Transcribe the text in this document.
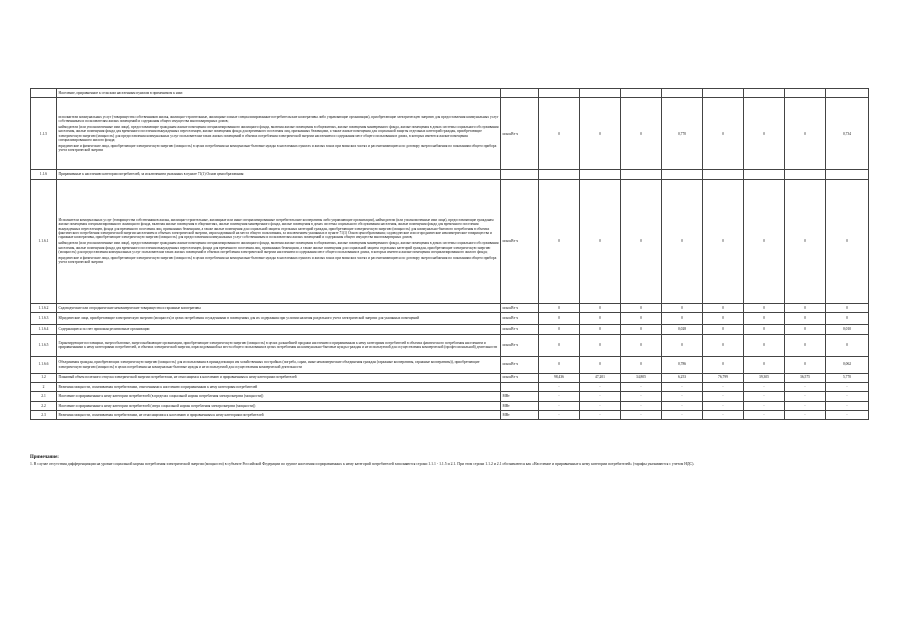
	Население, приравненное к сельским населенным пунктам в применимом к ним:									

1.1.5	исполнители коммунальных услуг (товарищества собственников жилья, жилищно-строительные, жилищные и иные специализированные потребительские кооперативы либо управляющие организации), приобретающие электрическую энергию для предоставления коммунальных услуг собственникам и пользователям жилых помещений и содержания общего имущества многоквартирных домов;

наймодатели (или уполномоченные ими лица), предоставляющие гражданам жилые помещения специализированного жилищного фонда, включая жилые помещения в общежитиях, жилые помещения маневренного фонда, жилые помещения в домах системы социального обслуживания населения, жилые помещения фонда для временного поселения вынужденных переселенцев, жилые помещения фонда для временного поселения лиц, признанных беженцами, а также жилые помещения для социальной защиты отдельных категорий граждан, приобретающие электрическую энергию (мощность) для предоставления коммунальных услуг пользователям таких жилых помещений в объемах потребления электрической энергии населением и содержания мест общего пользования в домах, в которых имеются жилые помещения специализированного жилого фонда;

юридические и физические лица, приобретающие электрическую энергию (мощность) в целях потребления на коммунально-бытовые нужды в населенных пунктах и жилых зонах при воинских частях и рассчитывающиеся по договору энергоснабжения по показаниям общего прибора учета электрической энергии	млн кВт·ч	0	0	0	0,770	0	0	0	0,734
1.1.6	Приравненные к населению категории потребителей, за исключением указанных в пункте 71(1) Основ ценообразования:									

1.1.6.1	Исполнители коммунальных услуг (товарищества собственников жилья, жилищно-строительные, жилищные или иные специализированные потребительские кооперативы либо управляющие организации), наймодатели (или уполномоченные ими лица), предоставляющие гражданам жилые помещения специализированного жилищного фонда, включая жилые помещения в общежитиях, жилые помещения маневренного фонда, жилые помещения в домах системы социального обслуживания населения, жилые помещения фонда для временного поселения вынужденных переселенцев, фонда для временного поселения лиц, признанных беженцами, а также жилые помещения для социальной защиты отдельных категорий граждан, приобретающие электрическую энергию (мощность) для коммунально-бытового потребления в объемах фактического потребления электрической энергии населением и объемах электрической энергии, израсходованной на места общего пользования, за исключением указанных в пункте 71(1) Основ ценообразования; садоводческие или огороднические некоммерческие товарищества и гаражные кооперативы, приобретающие электрическую энергию (мощность) для предоставления коммунальных услуг собственникам и пользователям жилых помещений и содержания общего имущества многоквартирных домов;

наймодатели (или уполномоченные ими лица), предоставляющие гражданам жилые помещения специализированного жилищного фонда, включая жилые помещения в общежитиях, жилые помещения маневренного фонда, жилые помещения в домах системы социального обслуживания населения, жилые помещения фонда для временного поселения вынужденных переселенцев, фонда для временного поселения лиц, признанных беженцами, а также жилые помещения для социальной защиты отдельных категорий граждан, приобретающие электрическую энергию (мощность) для предоставления коммунальных услуг пользователям таких жилых помещений в объемах потребления электрической энергии населением и содержания мест общего пользования в домах, в которых имеются жилые помещения специализированного жилого фонда;

юридические и физические лица, приобретающие электрическую энергию (мощность) в целях потребления на коммунально-бытовые нужды в населенных пунктах и жилых зонах при воинских частях и рассчитывающиеся по договору энергоснабжения по показаниям общего прибора учета электрической энергии	млн кВт·ч	0	0	0	0	0	0	0	0
1.1.6.2	Садоводческие или огороднические некоммерческие товарищества и гаражные кооперативы	млн кВт·ч	0	0	0	0	0	0	0	0
1.1.6.3	Юридические лица, приобретающие электрическую энергию (мощность) в целях потребления осужденными в помещениях для их содержания при условии наличия раздельного учета электрической энергии для указанных помещений	млн кВт·ч	0	0	0	0	0	0	0	0
1.1.6.4	Содержащиеся за счет прихожан религиозные организации	млн кВт·ч	0	0	0	0,028	0	0	0	0,010
1.1.6.5	Гарантирующие поставщики, энергосбытовые, энергоснабжающие организации, приобретающие электрическую энергию (мощность) в целях дальнейшей продажи населению и приравненным к нему категориям потребителей в объемах фактического потребления населением и приравненными к нему категориями потребителей, и объемах электрической энергии, израсходованной на места общего пользования в целях потребления на коммунально-бытовые нужды граждан и не используемой для осуществления коммерческой (профессиональной) деятельности	млн кВт·ч	0	0	0	0	0	0	0	0
1.1.6.6	Объединения граждан, приобретающих электрическую энергию (мощность) для использования в принадлежащих им хозяйственных постройках (погреба, сараи, иные некоммерческие объединения граждан (гаражные кооперативы, гаражные кооперативы)), приобретающие электрическую энергию (мощность) в целях потребления на коммунально-бытовые нужды и не используемой для осуществления коммерческой деятельности	млн кВт·ч	0	0	0	0,786	0	0	0	0,062
1.2	Плановый объем полезного отпуска электрической энергии потребителям, не относящимся к населению и приравненным к нему категориям потребителей	млн кВт·ч	98,436	47,201	34,805	6,253	76,799	39,305	36,575	5,770
2	Величина мощности, оплачиваемая потребителями, отнесенными к населению и приравненным к нему категориям потребителей		-	-	-	-	-	-	-	-
2.1	Население и приравненные к нему категории потребителей (в пределах социальной нормы потребления электроэнергии (мощности))	МВт	-	-	-	-	-	-	-	-
2.2	Население и приравненные к нему категории потребителей (сверх социальной нормы потребления электроэнергии (мощности))	МВт	-	-	-	-	-	-	-	-
2.3	Величина мощности, оплачиваемая потребителями, не относящимися к населению и приравненным к нему категориям потребителей	МВт	-	-	-	-	-	-	-	-

Примечание:

1. В случае отсутствия дифференциации на уровне социальной нормы потребления электрической энергии (мощности) в субъекте Российской Федерации по группе населения и приравненных к нему категорий потребителей заполняются строки 1.1.1 - 1.1.5 и 2.1. При этом строки 1.1.2 и 2.1 обозначаются как «Население и приравненные к нему категории потребителей» (тарифы указываются с учетом НДС).
